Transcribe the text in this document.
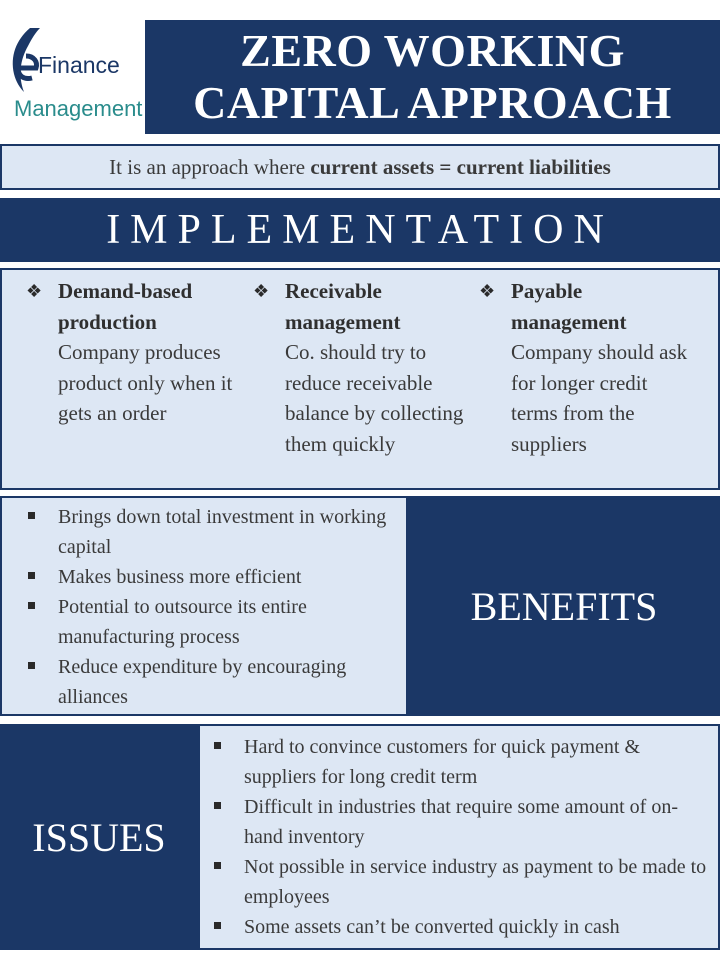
Finance
Management
ZERO WORKING
CAPITAL APPROACH
It is an approach where current assets = current liabilities
IMPLEMENTATION
❖ Demand-based production
Company produces product only when it gets an order
❖ Receivable management
Co. should try to reduce receivable balance by collecting them quickly
❖ Payable management
Company should ask for longer credit terms from the suppliers
Brings down total investment in working capital
Makes business more efficient
Potential to outsource its entire manufacturing process
Reduce expenditure by encouraging alliances
BENEFITS
ISSUES
Hard to convince customers for quick payment & suppliers for long credit term
Difficult in industries that require some amount of on-hand inventory
Not possible in service industry as payment to be made to employees
Some assets can’t be converted quickly in cash
